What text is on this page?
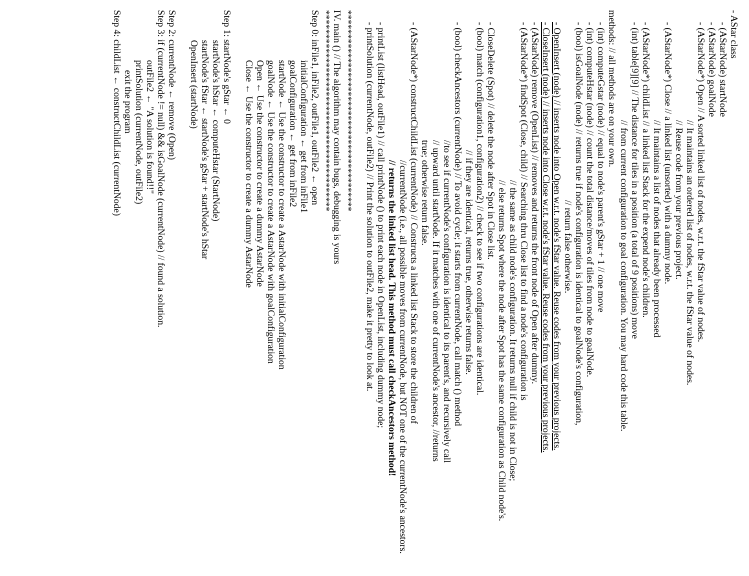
- AStar class
- (AStarNode) startNode
- (AStarNode) goalNode
- (AStarNode*) Open // A sorted linked list of nodes, w.r.t. the fStar value of nodes.
// It maintains an ordered list of nodes, w.r.t. the fStar value of nodes.
// Reuse code from your previous project.
- (AStarNode*) Close // a linked list (unsorted) with a dummy node.
// It maintains a list of nodes that already been processed
- (AStarNode*) childList // a linked list Stack for the expend node's children.
- (int) table[9][9] // The distance for tiles in a position (a total of 9 positions) move
// from current configuration to goal configuration. You may hard code this table.
methods: // all methods are on your own.
- (int) computeGstar (node) // equal to node's parent's gStar + 1 // one move
- (int) computeHstar (node) // count the total distance/moves of tiles from node to goalNode.
- (bool) isGoalNode (node) // returns true if node's configuration is identical to goalNode's configuration,
// return false otherwise.
- OpenInsert (node) // inserts node into Open w.r.t. node's fStar value. Reuse codes from your previous projects.
- CloseInsert (node) // inserts node into Close w.r.t. node's fStar value. Reuse codes from your previous projects.
- (AStarNode) remove (OpenList) // removes and returns the front node of Open after dummy.
- (AStarNode*) findSpot (Close, child) // Searching thru Close list to find a node's configuration is
// the same as child node's configuration. It returns null if child is not in Close;
// else returns Spot where the node after Spot has the same configuration as Child node's.
- CloseDelete (Spot) // delete the node after Spot in Close list.
- (bool) match (configuration1, configuration2) // check to see if two configurations are identical.
// if they are identical, returns true, otherwise returns false.
- (bool) checkAncestors (currentNode) // To avoid cycle; it starts from currentNode, call match () method
//to see if currentNode's configuration is identical to its parent's, and recursively call
// upward until startNode. If it matches with one of currentNode's ancestor, //returns
true; otherwise return false.
- (AStarNode*) constructChildList (currentNode) // Constructs a linked list Stack to store the children of
//currentNode (i.e., all possible moves from currentNode, but NOT one of the currentNode's ancestors.
// returns the linked list head. This method must call checkAncestors method!
- printList (listHead, outFile1) // call printNode () to print each node in OpenList, including dummy node;
- printSolution (currentNode, outFile2) // Print the solution to outFile2, make it pretty to look at.
******************************************
IV. main () // The algorithm may contain bugs, debugging is yours
******************************************
Step 0: inFile1, inFile2, outFile1, outFile2 ← open
initialConfiguration ← get from inFile1
goalConfiguration ← get from inFile2
startNode ← Use the constructor to create a AstarNode with initialConfiguration
goalNode ← Use the constructor to create a AstarNode with goalConfiguration
Open ← Use the constructor to create a dummy AstarNode
Close ← Use the constructor to create a dummy AstarNode
Step 1: startNode's gStar ← 0
startNode's hStar ← computeHstar (StartNode)
startNode's fStar ← startNode's gStar + startNode's hStar
OpenInsert (startNode)
Step 2: currentNode ← remove (Open)
Step 3: if (currentNode != null) && isGoalNode (currentNode) // found a solution.
outFile2 ← "A solution is found!!"
printSolution (currentNode, outFile2)
exit the program
Step 4: childList ← constructChildList (currentNode)
